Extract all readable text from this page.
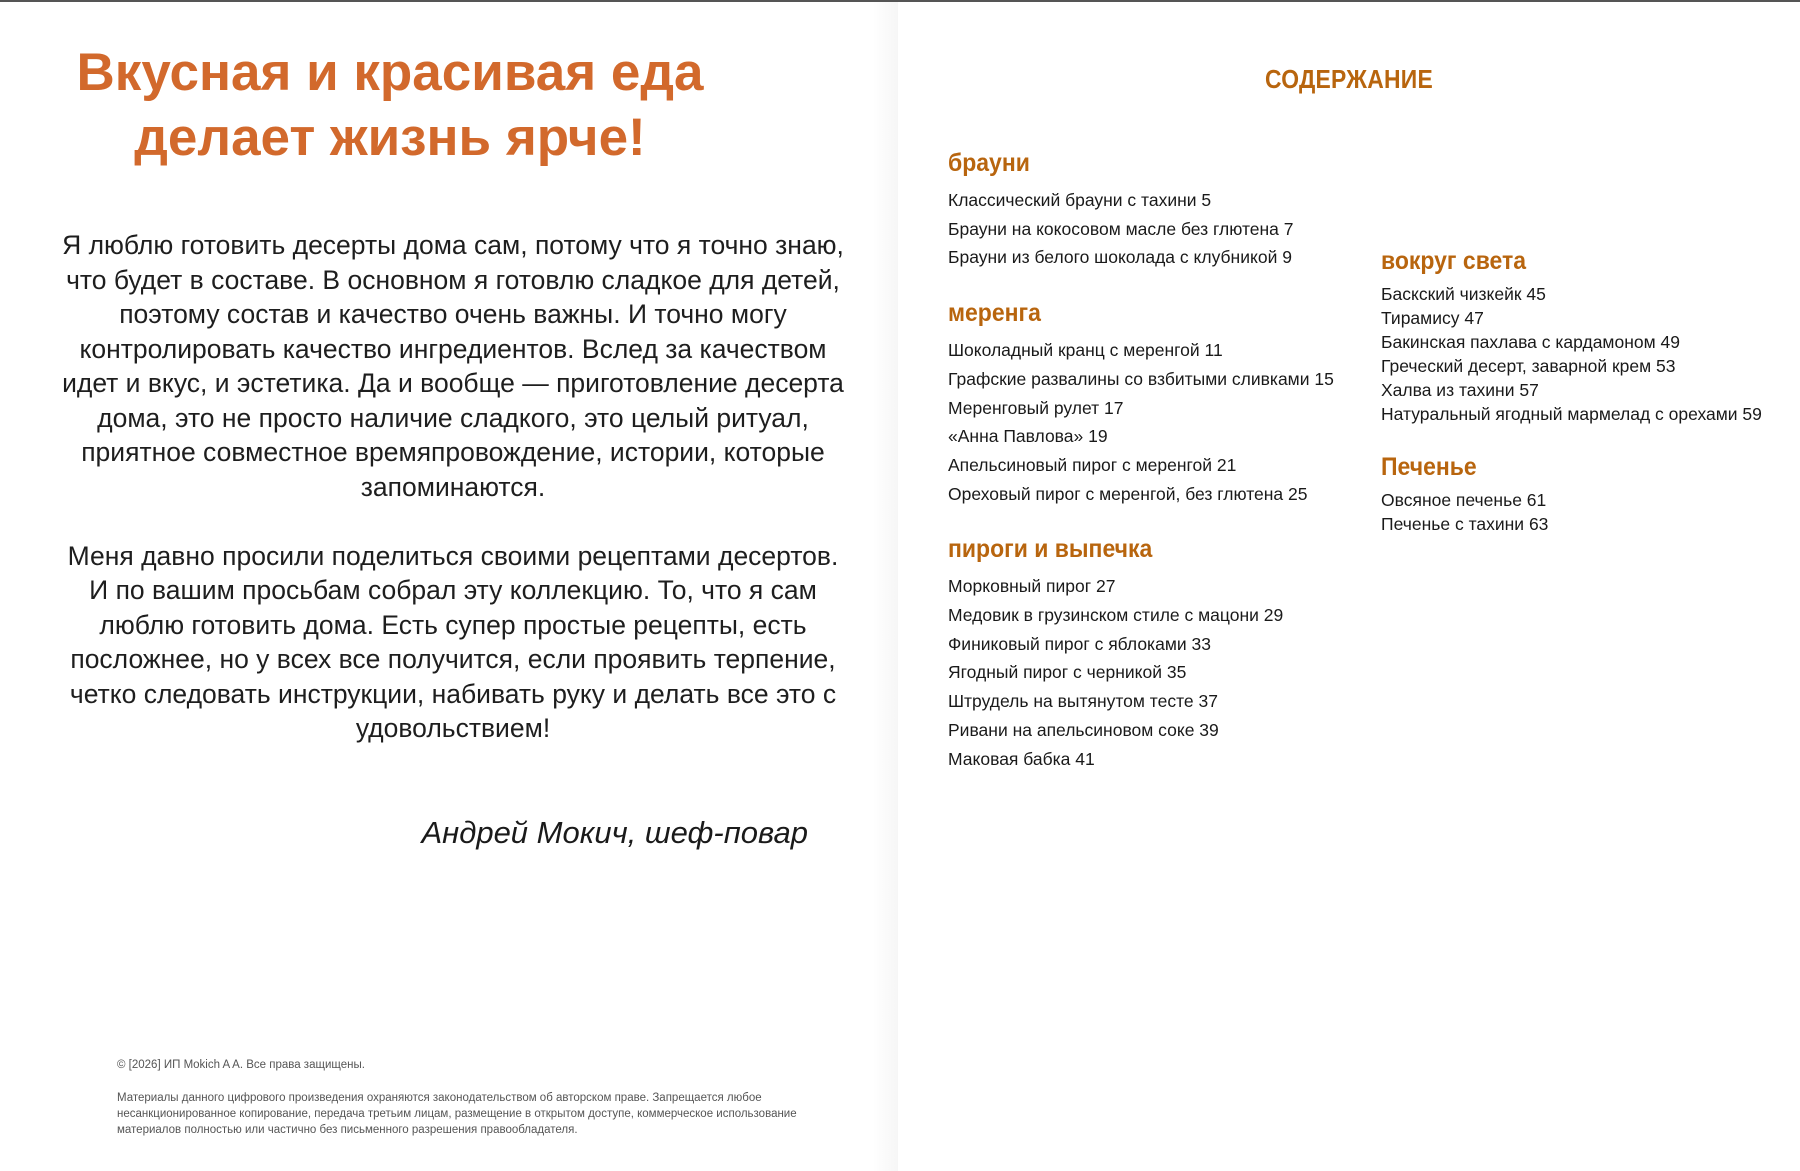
Вкусная и красивая еда
делает жизнь ярче!

Я люблю готовить десерты дома сам, потому что я точно знаю, что будет в составе. В основном я готовлю сладкое для детей, поэтому состав и качество очень важны. И точно могу контролировать качество ингредиентов. Вслед за качеством идет и вкус, и эстетика. Да и вообще — приготовление десерта дома, это не просто наличие сладкого, это целый ритуал, приятное совместное времяпровождение, истории, которые запоминаются.

Меня давно просили поделиться своими рецептами десертов. И по вашим просьбам собрал эту коллекцию. То, что я сам люблю готовить дома. Есть супер простые рецепты, есть посложнее, но у всех все получится, если проявить терпение, четко следовать инструкции, набивать руку и делать все это с удовольствием!

Андрей Мокич, шеф-повар
© [2026] ИП Mokich A A. Все права защищены.

Материалы данного цифрового произведения охраняются законодательством об авторском праве. Запрещается любое несанкционированное копирование, передача третьим лицам, размещение в открытом доступе, коммерческое использование материалов полностью или частично без письменного разрешения правообладателя.

СОДЕРЖАНИЕ
брауни
Классический брауни с тахини 5
Брауни на кокосовом масле без глютена 7
Брауни из белого шоколада с клубникой 9
меренга
Шоколадный кранц с меренгой 11
Графские развалины со взбитыми сливками 15
Меренговый рулет 17
«Анна Павлова» 19
Апельсиновый пирог с меренгой 21
Ореховый пирог с меренгой, без глютена 25
пироги и выпечка
Морковный пирог 27
Медовик в грузинском стиле с мацони 29
Финиковый пирог с яблоками 33
Ягодный пирог с черникой 35
Штрудель на вытянутом тесте 37
Ривани на апельсиновом соке 39
Маковая бабка 41
вокруг света
Баскский чизкейк 45
Тирамису 47
Бакинская пахлава с кардамоном 49
Греческий десерт, заварной крем 53
Халва из тахини 57
Натуральный ягодный мармелад с орехами 59
Печенье
Овсяное печенье 61
Печенье с тахини 63
